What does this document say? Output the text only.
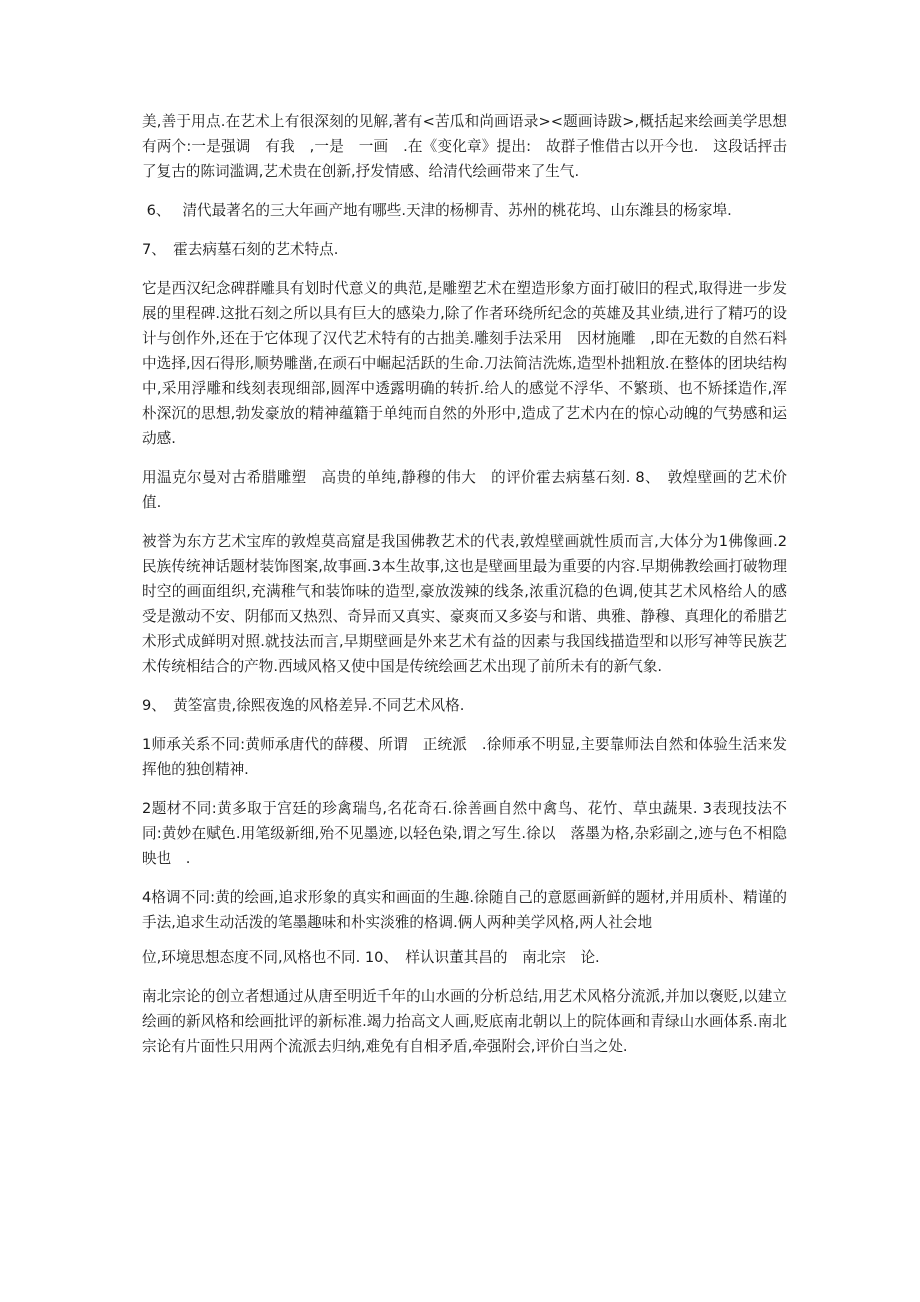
美,善于用点.在艺术上有很深刻的见解,著有<苦瓜和尚画语录><题画诗跋>,概括起来绘画美学思想有两个:一是强调　有我　,一是　一画　.在《变化章》提出:　故群子惟借古以开今也.　这段话抨击了复古的陈词滥调,艺术贵在创新,抒发情感、给清代绘画带来了生气.

6、　 清代最著名的三大年画产地有哪些.天津的杨柳青、苏州的桃花坞、山东潍县的杨家埠.

7、　霍去病墓石刻的艺术特点.

它是西汉纪念碑群雕具有划时代意义的典范,是雕塑艺术在塑造形象方面打破旧的程式,取得进一步发展的里程碑.这批石刻之所以具有巨大的感染力,除了作者环绕所纪念的英雄及其业绩,进行了精巧的设计与创作外,还在于它体现了汉代艺术特有的古拙美.雕刻手法采用　因材施雕　,即在无数的自然石料中选择,因石得形,顺势雕凿,在顽石中崛起活跃的生命.刀法简洁洗炼,造型朴拙粗放.在整体的团块结构中,采用浮雕和线刻表现细部,圆浑中透露明确的转折.给人的感觉不浮华、不繁琐、也不矫揉造作,浑朴深沉的思想,勃发豪放的精神蕴籍于单纯而自然的外形中,造成了艺术内在的惊心动魄的气势感和运动感.

用温克尔曼对古希腊雕塑　高贵的单纯,静穆的伟大　的评价霍去病墓石刻. 8、　敦煌壁画的艺术价值.

被誉为东方艺术宝库的敦煌莫高窟是我国佛教艺术的代表,敦煌壁画就性质而言,大体分为1佛像画.2民族传统神话题材装饰图案,故事画.3本生故事,这也是壁画里最为重要的内容.早期佛教绘画打破物理时空的画面组织,充满稚气和装饰味的造型,豪放泼辣的线条,浓重沉稳的色调,使其艺术风格给人的感受是激动不安、阴郁而又热烈、奇异而又真实、豪爽而又多姿与和谐、典雅、静穆、真理化的希腊艺术形式成鲜明对照.就技法而言,早期壁画是外来艺术有益的因素与我国线描造型和以形写神等民族艺术传统相结合的产物.西域风格又使中国是传统绘画艺术出现了前所未有的新气象.

9、　黄筌富贵,徐熙夜逸的风格差异.不同艺术风格.

1师承关系不同:黄师承唐代的薛稷、所谓　正统派　.徐师承不明显,主要靠师法自然和体验生活来发挥他的独创精神.

2题材不同:黄多取于宫廷的珍禽瑞鸟,名花奇石.徐善画自然中禽鸟、花竹、草虫蔬果. 3表现技法不同:黄妙在赋色.用笔级新细,殆不见墨迹,以轻色染,谓之写生.徐以　落墨为格,杂彩副之,迹与色不相隐映也　.

4格调不同:黄的绘画,追求形象的真实和画面的生趣.徐随自己的意愿画新鲜的题材,并用质朴、精谨的手法,追求生动活泼的笔墨趣味和朴实淡雅的格调.俩人两种美学风格,两人社会地

位,环境思想态度不同,风格也不同. 10、　样认识董其昌的　南北宗　论.

南北宗论的创立者想通过从唐至明近千年的山水画的分析总结,用艺术风格分流派,并加以褒贬,以建立绘画的新风格和绘画批评的新标准.竭力抬高文人画,贬底南北朝以上的院体画和青绿山水画体系.南北宗论有片面性只用两个流派去归纳,难免有自相矛盾,牵强附会,评价白当之处.
